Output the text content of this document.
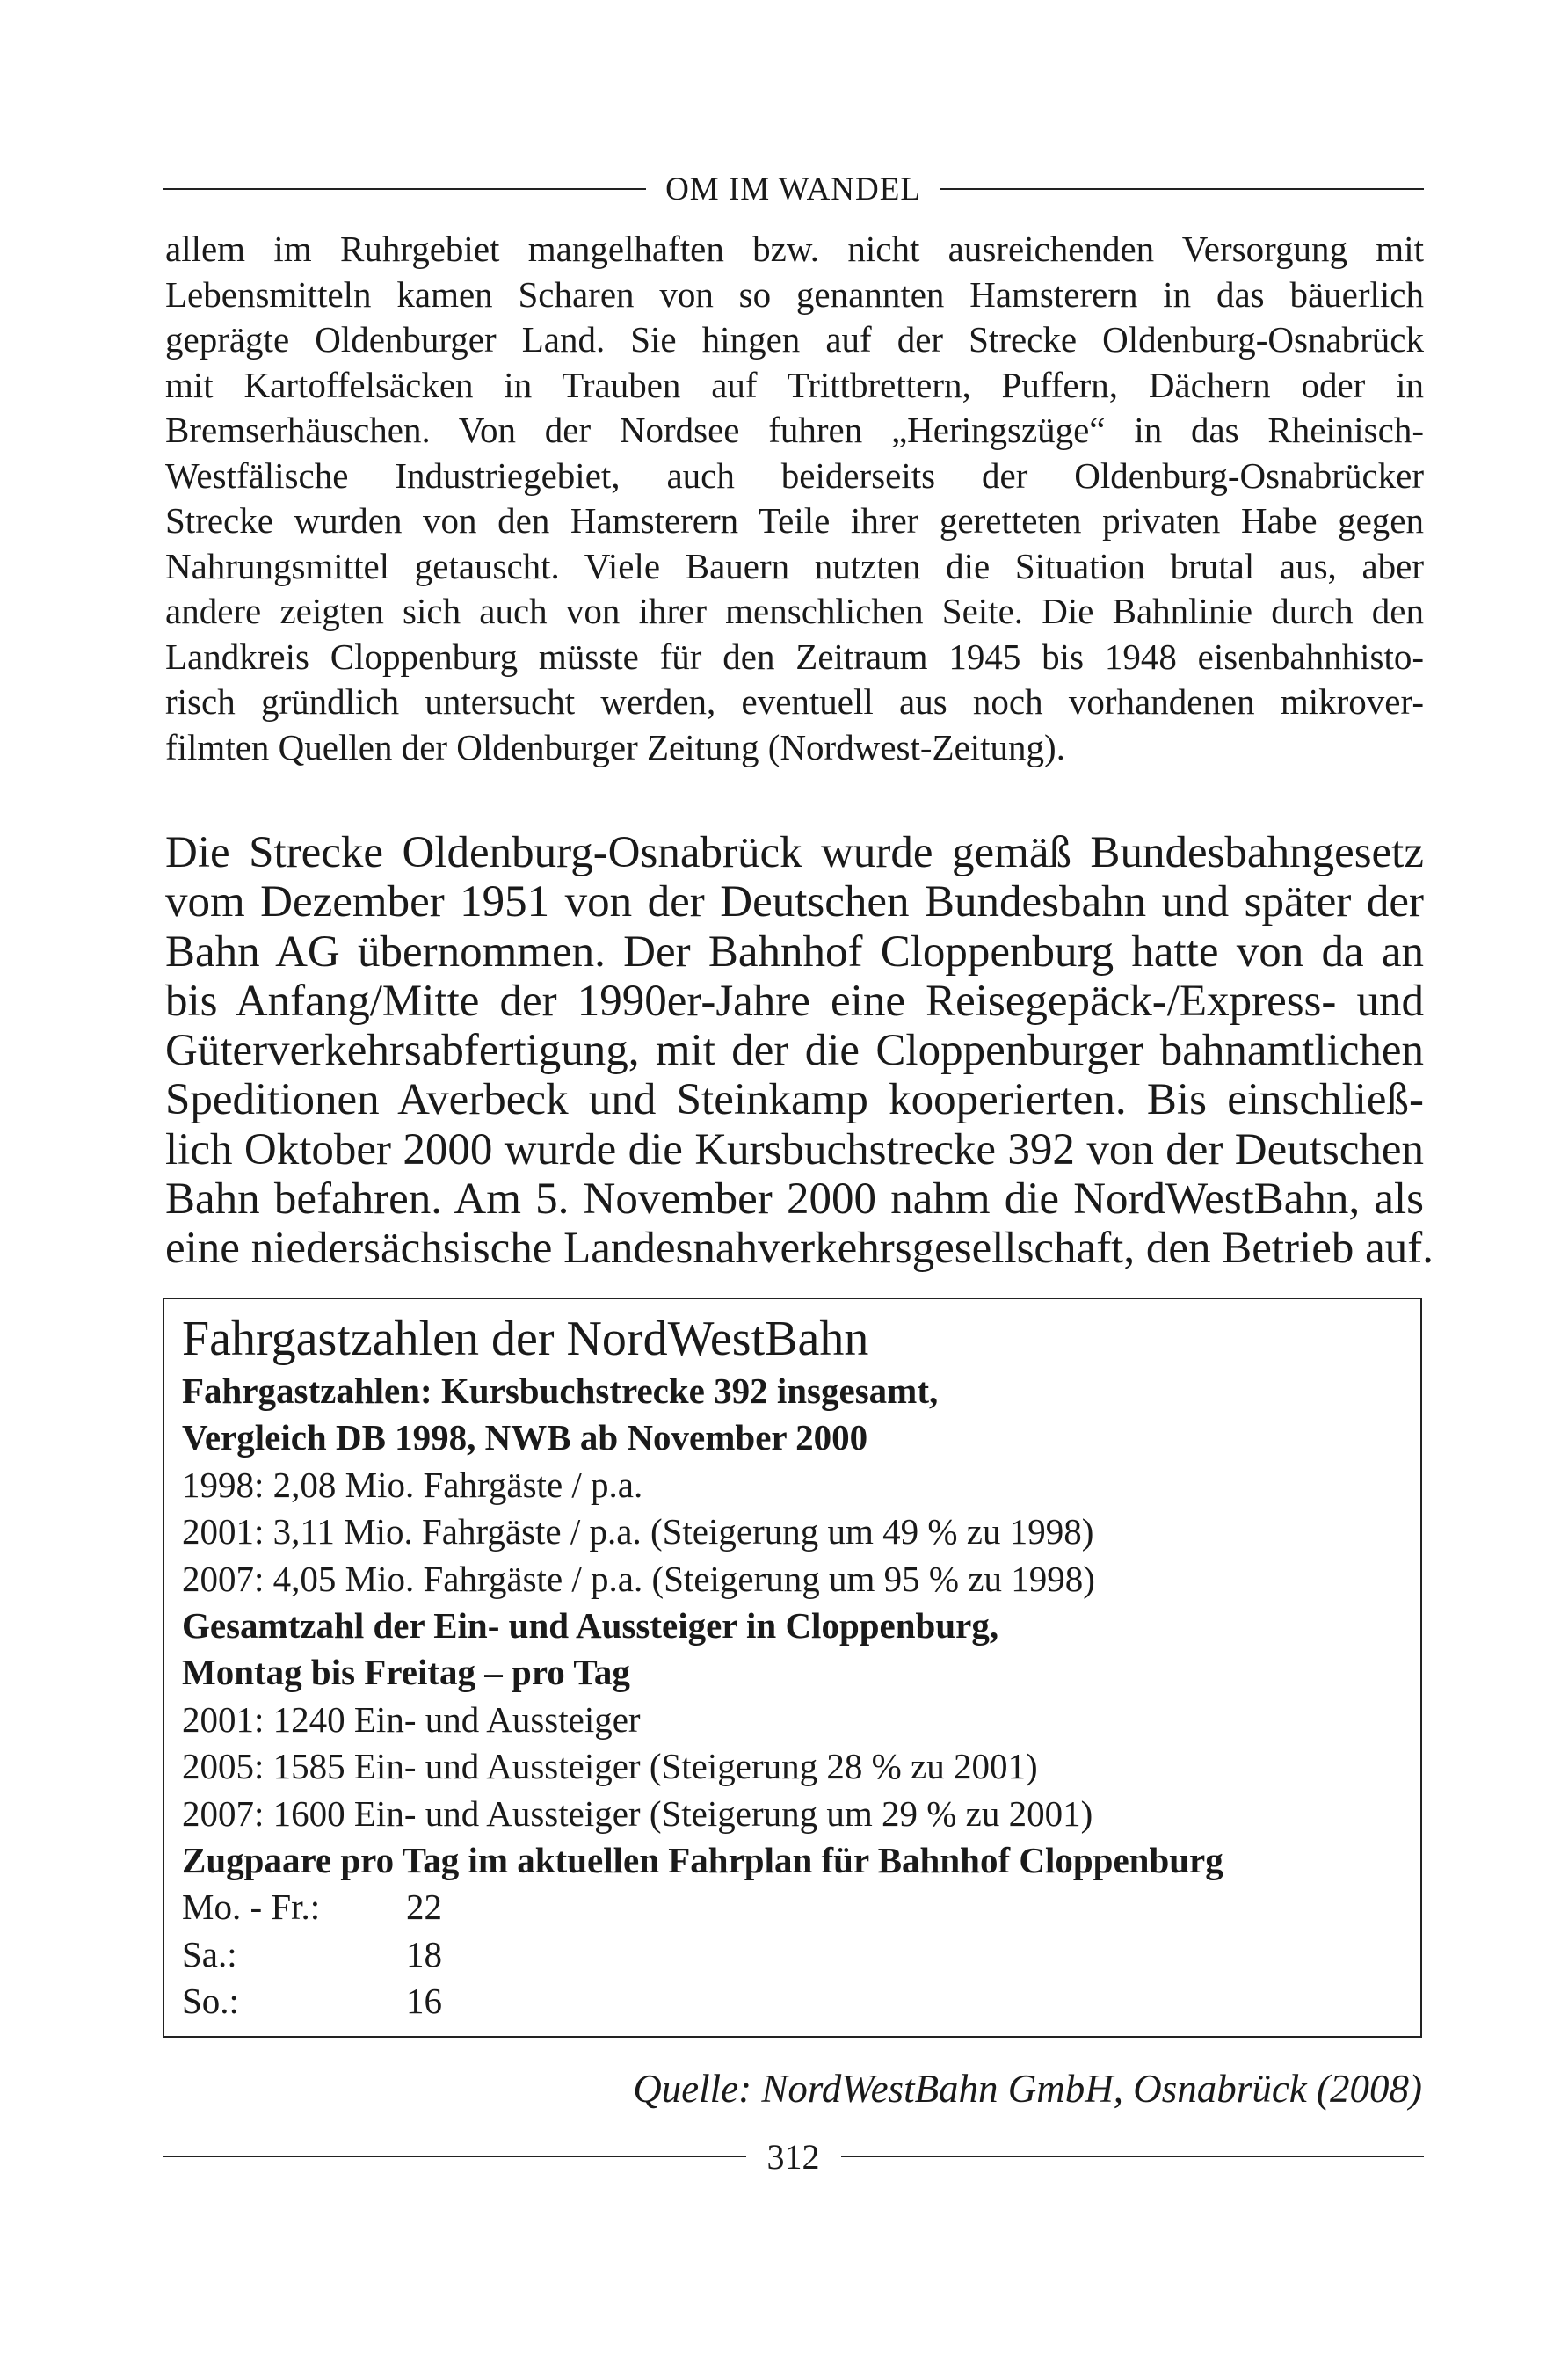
OM IM WANDEL
allem im Ruhrgebiet mangelhaften bzw. nicht ausreichenden Versorgung mit
Lebensmitteln kamen Scharen von so genannten Hamsterern in das bäuerlich
geprägte Oldenburger Land. Sie hingen auf der Strecke Oldenburg-Osnabrück
mit Kartoffelsäcken in Trauben auf Trittbrettern, Puffern, Dächern oder in
Bremserhäuschen. Von der Nordsee fuhren „Heringszüge“ in das Rheinisch-
Westfälische Industriegebiet, auch beiderseits der Oldenburg-Osnabrücker
Strecke wurden von den Hamsterern Teile ihrer geretteten privaten Habe gegen
Nahrungsmittel getauscht. Viele Bauern nutzten die Situation brutal aus, aber
andere zeigten sich auch von ihrer menschlichen Seite. Die Bahnlinie durch den
Landkreis Cloppenburg müsste für den Zeitraum 1945 bis 1948 eisenbahnhisto-
risch gründlich untersucht werden, eventuell aus noch vorhandenen mikrover-
filmten Quellen der Oldenburger Zeitung (Nordwest-Zeitung).
Die Strecke Oldenburg-Osnabrück wurde gemäß Bundesbahngesetz
vom Dezember 1951 von der Deutschen Bundesbahn und später der
Bahn AG übernommen. Der Bahnhof Cloppenburg hatte von da an
bis Anfang/Mitte der 1990er-Jahre eine Reisegepäck-/Express- und
Güterverkehrsabfertigung, mit der die Cloppenburger bahnamtlichen
Speditionen Averbeck und Steinkamp kooperierten. Bis einschließ-
lich Oktober 2000 wurde die Kursbuchstrecke 392 von der Deutschen
Bahn befahren. Am 5. November 2000 nahm die NordWestBahn, als
eine niedersächsische Landesnahverkehrsgesellschaft, den Betrieb auf.
Fahrgastzahlen der NordWestBahn
Fahrgastzahlen: Kursbuchstrecke 392 insgesamt,
Vergleich DB 1998, NWB ab November 2000
1998: 2,08 Mio. Fahrgäste / p.a.
2001: 3,11 Mio. Fahrgäste / p.a. (Steigerung um 49 % zu 1998)
2007: 4,05 Mio. Fahrgäste / p.a. (Steigerung um 95 % zu 1998)
Gesamtzahl der Ein- und Aussteiger in Cloppenburg,
Montag bis Freitag – pro Tag
2001: 1240 Ein- und Aussteiger
2005: 1585 Ein- und Aussteiger (Steigerung 28 % zu 2001)
2007: 1600 Ein- und Aussteiger (Steigerung um 29 % zu 2001)
Zugpaare pro Tag im aktuellen Fahrplan für Bahnhof Cloppenburg
Mo. - Fr.:	22
Sa.:	18
So.:	16
Quelle: NordWestBahn GmbH, Osnabrück (2008)
312
